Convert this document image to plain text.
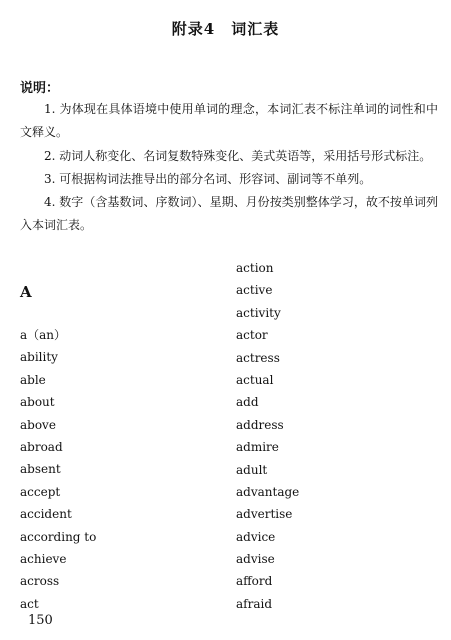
附录4　词汇表
说明：

1. 为体现在具体语境中使用单词的理念，本词汇表不标注单词的词性和中文释义。

2. 动词人称变化、名词复数特殊变化、美式英语等，采用括号形式标注。

3. 可根据构词法推导出的部分名词、形容词、副词等不单列。

4. 数字（含基数词、序数词）、星期、月份按类别整体学习，故不按单词列入本词汇表。

A
a（an）
ability
able
about
above
abroad
absent
accept
accident
according to
achieve
across
act
action
active
activity
actor
actress
actual
add
address
admire
adult
advantage
advertise
advice
advise
afford
afraid
150
